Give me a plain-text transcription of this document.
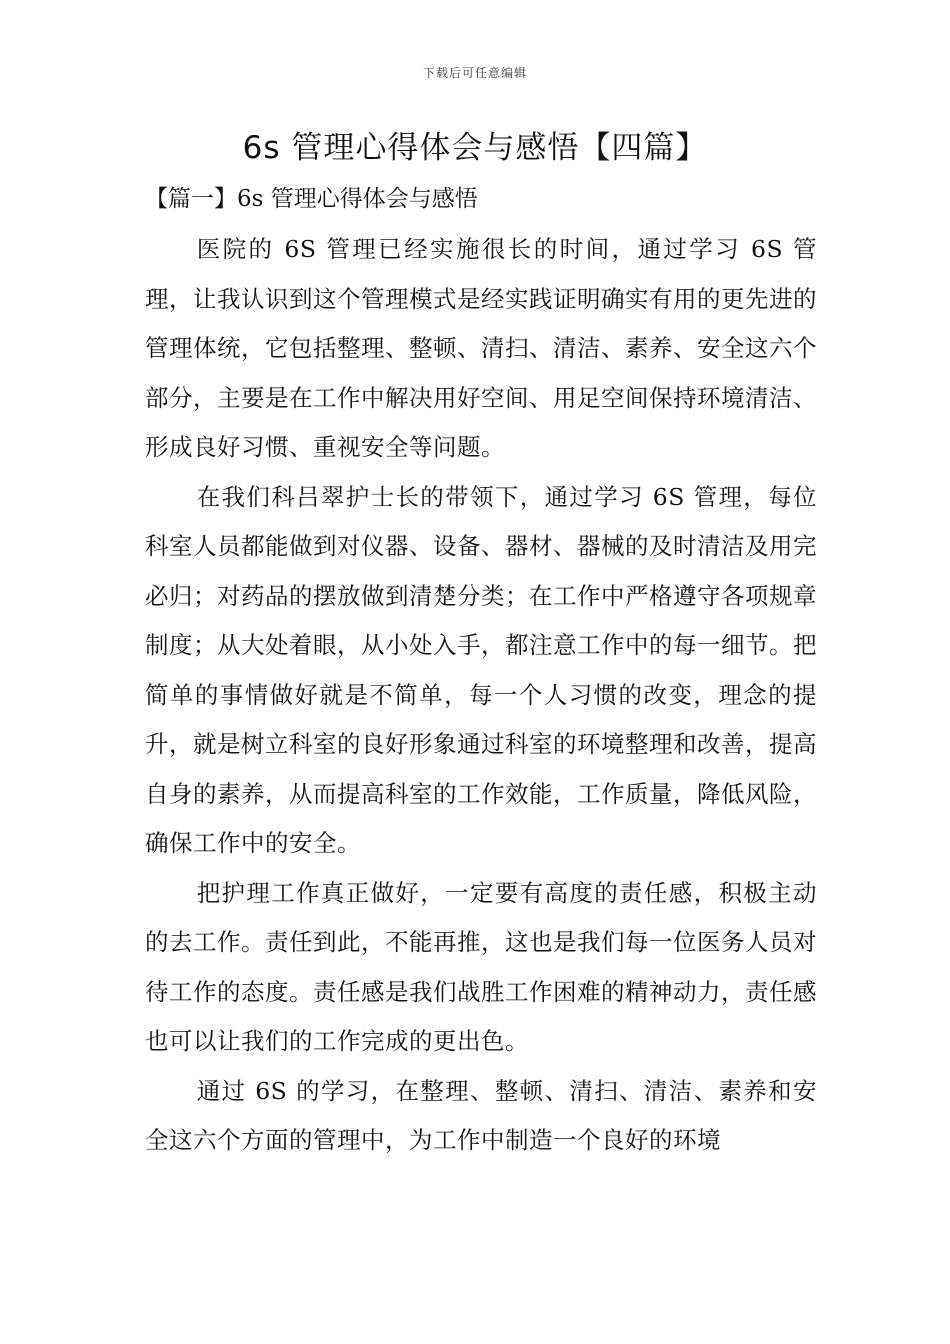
下载后可任意编辑
6s 管理心得体会与感悟【四篇】
【篇一】6s 管理心得体会与感悟

医院的 6S 管理已经实施很长的时间，通过学习 6S 管理，让我认识到这个管理模式是经实践证明确实有用的更先进的管理体统，它包括整理、整顿、清扫、清洁、素养、安全这六个部分，主要是在工作中解决用好空间、用足空间保持环境清洁、形成良好习惯、重视安全等问题。

在我们科吕翠护士长的带领下，通过学习 6S 管理，每位科室人员都能做到对仪器、设备、器材、器械的及时清洁及用完必归；对药品的摆放做到清楚分类；在工作中严格遵守各项规章制度；从大处着眼，从小处入手，都注意工作中的每一细节。把简单的事情做好就是不简单，每一个人习惯的改变，理念的提升，就是树立科室的良好形象通过科室的环境整理和改善，提高自身的素养，从而提高科室的工作效能，工作质量，降低风险，确保工作中的安全。

把护理工作真正做好，一定要有高度的责任感，积极主动的去工作。责任到此，不能再推，这也是我们每一位医务人员对待工作的态度。责任感是我们战胜工作困难的精神动力，责任感也可以让我们的工作完成的更出色。

通过 6S 的学习，在整理、整顿、清扫、清洁、素养和安全这六个方面的管理中，为工作中制造一个良好的环境
